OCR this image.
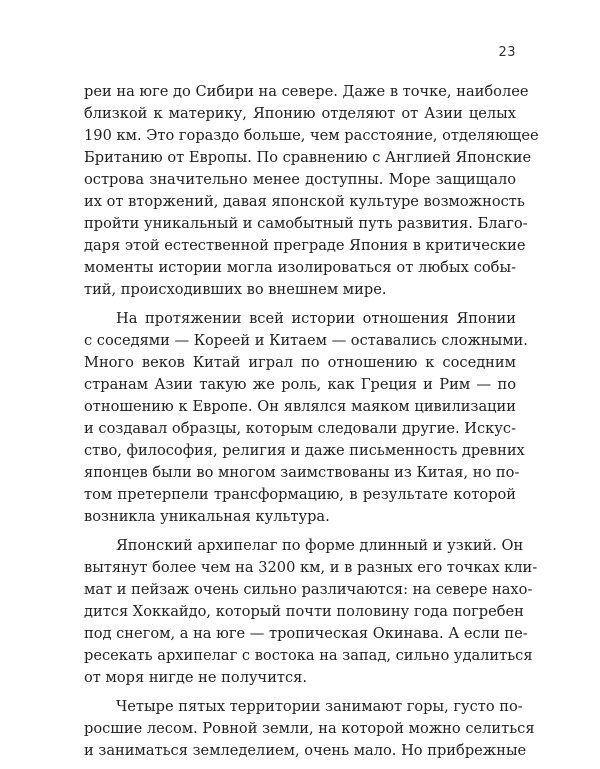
23
реи на юге до Сибири на севере. Даже в точке, наиболее
близкой к материку, Японию отделяют от Азии целых
190 км. Это гораздо больше, чем расстояние, отделяющее
Британию от Европы. По сравнению с Англией Японские
острова значительно менее доступны. Море защищало
их от вторжений, давая японской культуре возможность
пройти уникальный и самобытный путь развития. Благо-
даря этой естественной преграде Япония в критические
моменты истории могла изолироваться от любых собы-
тий, происходивших во внешнем мире.
На протяжении всей истории отношения Японии
с соседями — Кореей и Китаем — оставались сложными.
Много веков Китай играл по отношению к соседним
странам Азии такую же роль, как Греция и Рим — по
отношению к Европе. Он являлся маяком цивилизации
и создавал образцы, которым следовали другие. Искус-
ство, философия, религия и даже письменность древних
японцев были во многом заимствованы из Китая, но по-
том претерпели трансформацию, в результате которой
возникла уникальная культура.
Японский архипелаг по форме длинный и узкий. Он
вытянут более чем на 3200 км, и в разных его точках кли-
мат и пейзаж очень сильно различаются: на севере нахо-
дится Хоккайдо, который почти половину года погребен
под снегом, а на юге — тропическая Окинава. А если пе-
ресекать архипелаг с востока на запад, сильно удалиться
от моря нигде не получится.
Четыре пятых территории занимают горы, густо по-
росшие лесом. Ровной земли, на которой можно селиться
и заниматься земледелием, очень мало. Но прибрежные
